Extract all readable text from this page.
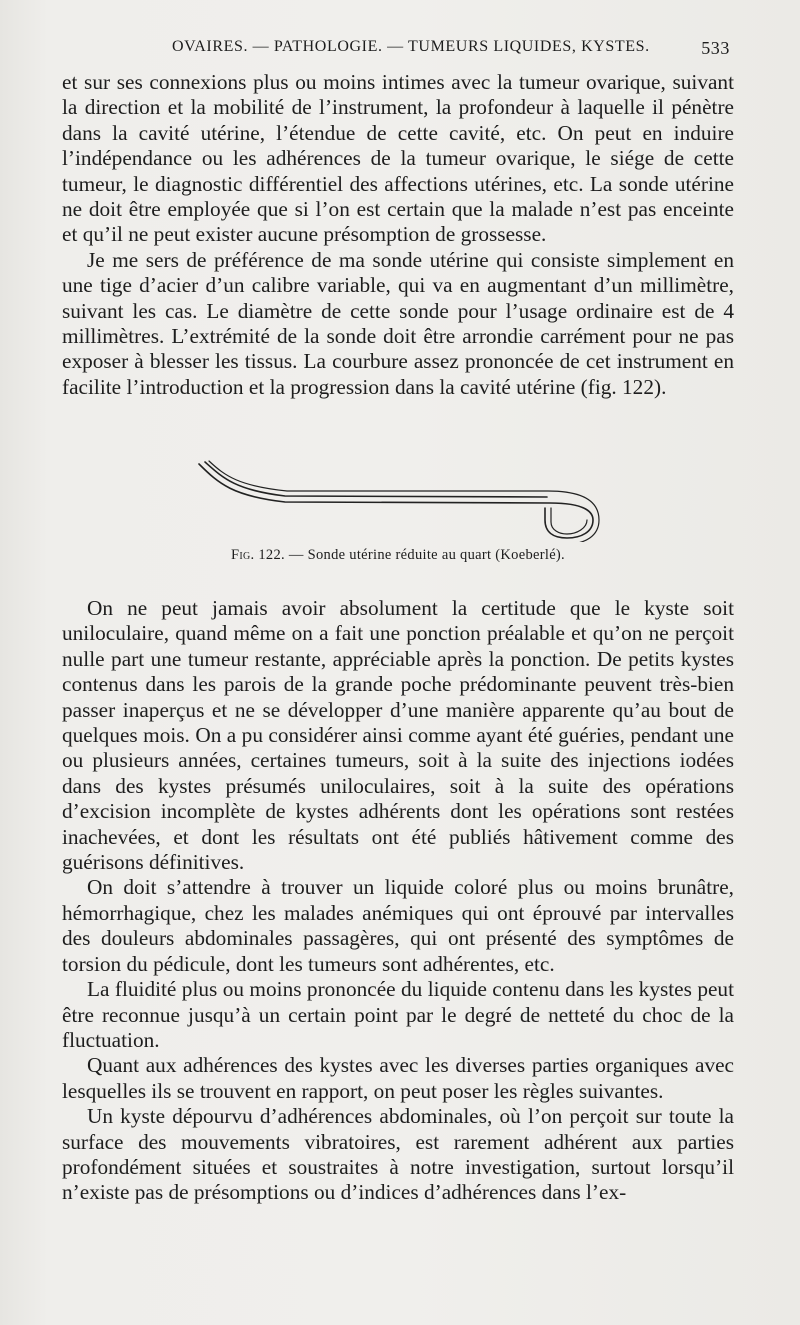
OVAIRES. — PATHOLOGIE. — TUMEURS LIQUIDES, KYSTES.	533

et sur ses connexions plus ou moins intimes avec la tumeur ovarique, suivant la direction et la mobilité de l’instrument, la profondeur à laquelle il pénètre dans la cavité utérine, l’étendue de cette cavité, etc. On peut en induire l’indépendance ou les adhérences de la tumeur ovarique, le siége de cette tumeur, le diagnostic différentiel des affections utérines, etc. La sonde utérine ne doit être employée que si l’on est certain que la malade n’est pas enceinte et qu’il ne peut exister aucune présomption de grossesse.

Je me sers de préférence de ma sonde utérine qui consiste simplement en une tige d’acier d’un calibre variable, qui va en augmentant d’un millimètre, suivant les cas. Le diamètre de cette sonde pour l’usage ordinaire est de 4 millimètres. L’extrémité de la sonde doit être arrondie carrément pour ne pas exposer à blesser les tissus. La courbure assez prononcée de cet instrument en facilite l’introduction et la progression dans la cavité utérine (fig. 122).

Fig. 122. — Sonde utérine réduite au quart (Koeberlé).

On ne peut jamais avoir absolument la certitude que le kyste soit uniloculaire, quand même on a fait une ponction préalable et qu’on ne perçoit nulle part une tumeur restante, appréciable après la ponction. De petits kystes contenus dans les parois de la grande poche prédominante peuvent très-bien passer inaperçus et ne se développer d’une manière apparente qu’au bout de quelques mois. On a pu considérer ainsi comme ayant été guéries, pendant une ou plusieurs années, certaines tumeurs, soit à la suite des injections iodées dans des kystes présumés uniloculaires, soit à la suite des opérations d’excision incomplète de kystes adhérents dont les opérations sont restées inachevées, et dont les résultats ont été publiés hâtivement comme des guérisons définitives.

On doit s’attendre à trouver un liquide coloré plus ou moins brunâtre, hémorrhagique, chez les malades anémiques qui ont éprouvé par intervalles des douleurs abdominales passagères, qui ont présenté des symptômes de torsion du pédicule, dont les tumeurs sont adhérentes, etc.

La fluidité plus ou moins prononcée du liquide contenu dans les kystes peut être reconnue jusqu’à un certain point par le degré de netteté du choc de la fluctuation.

Quant aux adhérences des kystes avec les diverses parties organiques avec lesquelles ils se trouvent en rapport, on peut poser les règles suivantes.

Un kyste dépourvu d’adhérences abdominales, où l’on perçoit sur toute la surface des mouvements vibratoires, est rarement adhérent aux parties profondément situées et soustraites à notre investigation, surtout lorsqu’il n’existe pas de présomptions ou d’indices d’adhérences dans l’ex-
